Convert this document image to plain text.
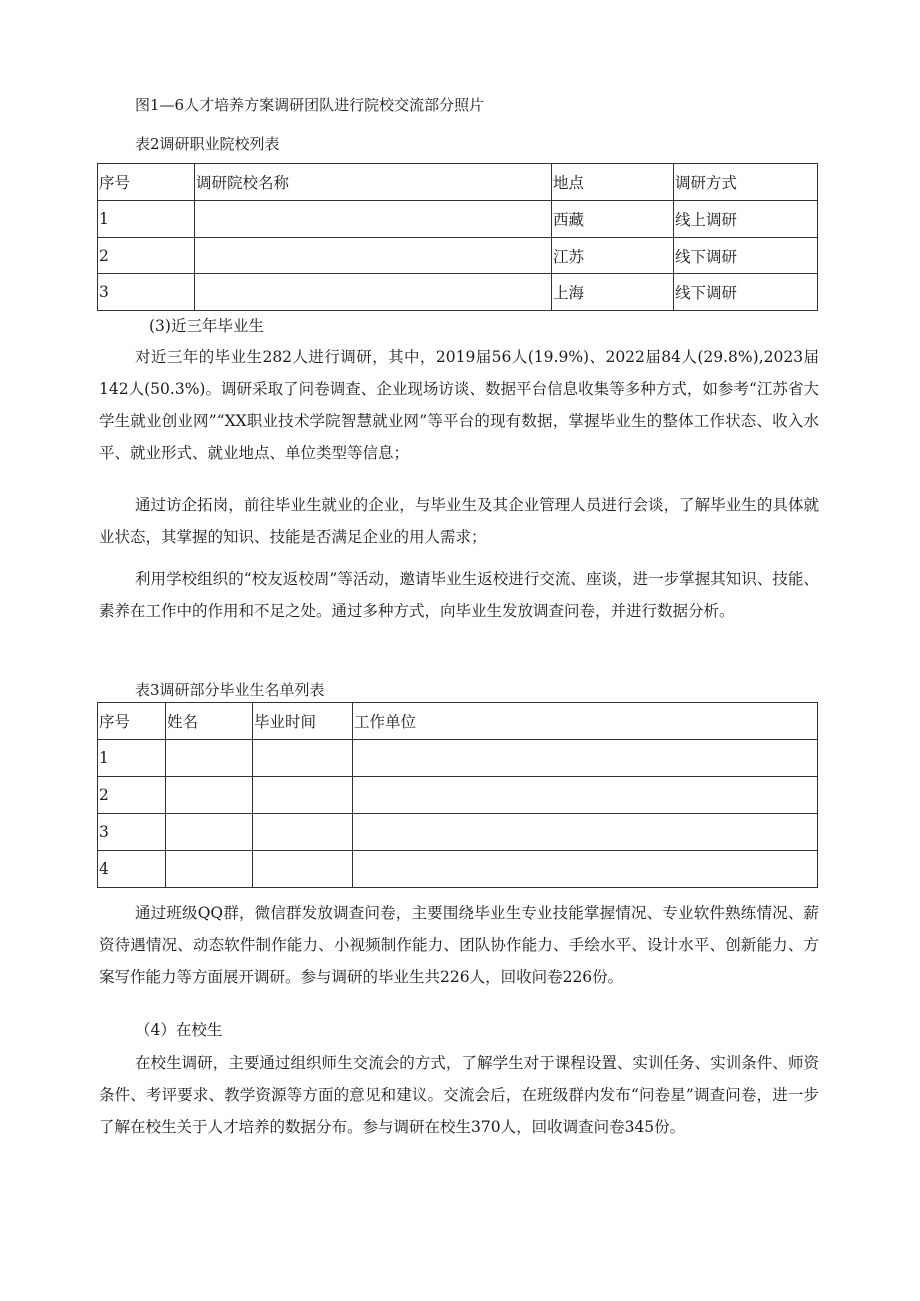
图1—6人才培养方案调研团队进行院校交流部分照片
表2调研职业院校列表
序号	调研院校名称	地点	调研方式
1		西藏	线上调研
2		江苏	线下调研
3		上海	线下调研
(3)近三年毕业生
对近三年的毕业生282人进行调研，其中，2019届56人(19.9%)、2022届84人(29.8%),2023届142人(50.3%)。调研采取了问卷调查、企业现场访谈、数据平台信息收集等多种方式，如参考“江苏省大学生就业创业网”“XX职业技术学院智慧就业网”等平台的现有数据，掌握毕业生的整体工作状态、收入水平、就业形式、就业地点、单位类型等信息；
通过访企拓岗，前往毕业生就业的企业，与毕业生及其企业管理人员进行会谈，了解毕业生的具体就业状态，其掌握的知识、技能是否满足企业的用人需求；
利用学校组织的“校友返校周”等活动，邀请毕业生返校进行交流、座谈，进一步掌握其知识、技能、素养在工作中的作用和不足之处。通过多种方式，向毕业生发放调查问卷，并进行数据分析。
表3调研部分毕业生名单列表
序号	姓名	毕业时间	工作单位
1			
2			
3			
4			
通过班级QQ群，微信群发放调查问卷，主要围绕毕业生专业技能掌握情况、专业软件熟练情况、薪资待遇情况、动态软件制作能力、小视频制作能力、团队协作能力、手绘水平、设计水平、创新能力、方案写作能力等方面展开调研。参与调研的毕业生共226人，回收问卷226份。
（4）在校生
在校生调研，主要通过组织师生交流会的方式，了解学生对于课程设置、实训任务、实训条件、师资条件、考评要求、教学资源等方面的意见和建议。交流会后，在班级群内发布“问卷星”调查问卷，进一步了解在校生关于人才培养的数据分布。参与调研在校生370人，回收调查问卷345份。
